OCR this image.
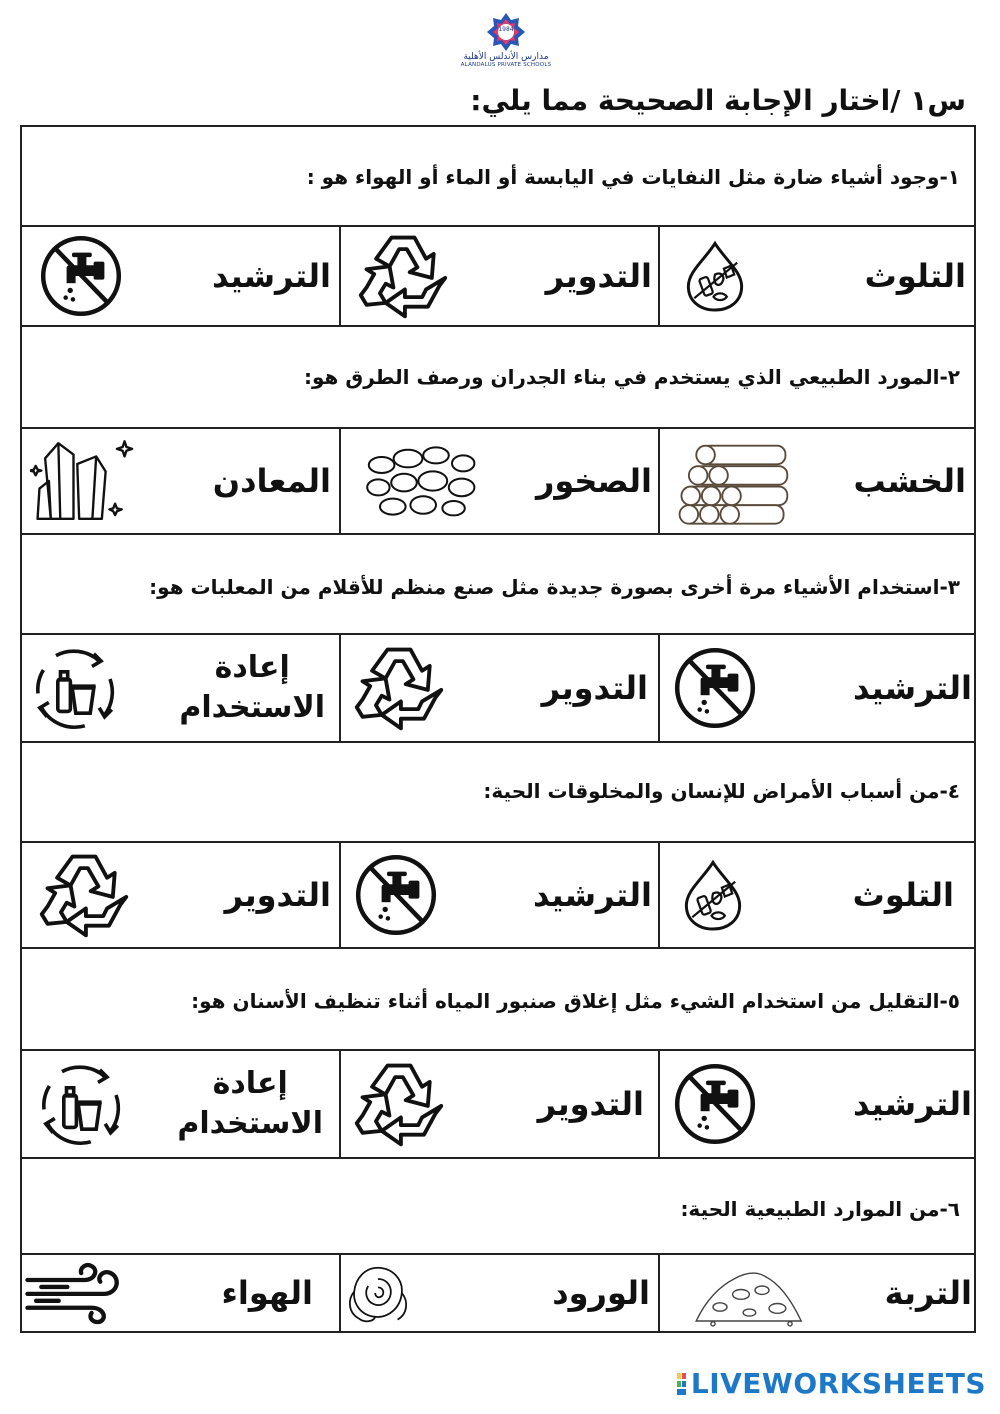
1984
مدارس الأندلس الأهلية
ALANDALUS PRIVATE SCHOOLS
س١ /اختار الإجابة الصحيحة مما يلي:
١-وجود أشياء ضارة مثل النفايات في اليابسة أو الماء أو الهواء هو :
التلوث
التدوير
الترشيد
٢-المورد الطبيعي الذي يستخدم في بناء الجدران ورصف الطرق هو:
الخشب
الصخور
المعادن
٣-استخدام الأشياء مرة أخرى بصورة جديدة مثل صنع منظم للأقلام من المعلبات هو:
الترشيد
التدوير
إعادة
الاستخدام
٤-من أسباب الأمراض للإنسان والمخلوقات الحية:
التلوث
الترشيد
التدوير
٥-التقليل من استخدام الشيء مثل إغلاق صنبور المياه أثناء تنظيف الأسنان هو:
الترشيد
التدوير
إعادة
الاستخدام
٦-من الموارد الطبيعية الحية:
التربة
الورود
الهواء
LIVEWORKSHEETS
